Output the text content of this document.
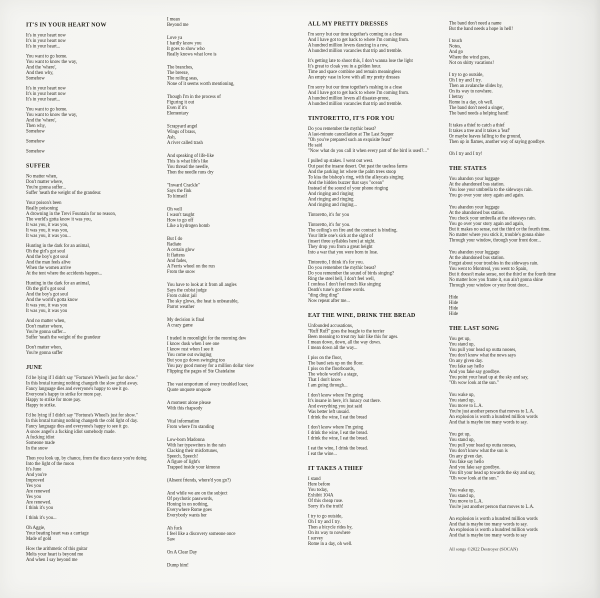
IT'S IN YOUR HEART NOW
It's in your heart now
It's in your heart now
It's in your heart...
You want to go home.
You want to know the way,
And the 'where',
And then why,
Somehow
It's in your heart now
It's in your heart now
It's in your heart...
You want to go home.
You want to know the way,
And the 'where',
Then why,
Somehow
Somehow
Somehow
SUFFER
No matter when,
Don't matter where,
You're gonna suffer...
Suffer 'neath the weight of the grandeur.
Your poison's been
Really poisoning
A drowning in the Trevi Fountain for no reason,
The world's gotta know it was you,
It was you, it was you,
It was you, it was you,
It was you, it was you...
Hunting in the dark for an animal,
Oh the girl's got soul
And the boy's got soul
And the man feels alive
When the women arrive
At the tent where the accidents happen...
Hunting in the dark for an animal,
Oh the girl's got soul
And the boy's got soul
And the world's gotta know
It was you, it was you
It was you, it was you
And no matter when,
Don't matter where,
You're gonna suffer...
Suffer 'neath the weight of the grandeur
Don't matter when,
You're gonna suffer
JUNE
I'd be lying if I didn't say "Fortune's Wheel's just for show."
In this brutal turning nothing changeth the slow grind away.
Fancy language dies and everyone's happy to see it go.
Everyone's happy to strike for more pay.
Happy to strike for more pay.
Happy to strike.
I'd be lying if I didn't say "Fortune's Wheel's just for show."
In this brutal turning nothing changeth the cold light of day.
Fancy language dies and everyone's happy to see it go.
A snow angel's a fucking idiot somebody made.
A fucking idiot
Someone made
In the snow
Then you look up, by chance, from the disco dance you're doing
Into the light of the moon
It's June
And you're
Improved
Yes you
Are renewed
Yes you
Are renewed.
I think it's you
I think it's you...
Oh Aggie,
Your beating heart was a carriage
Made of gold
How the arithmetic of this guitar
Melts your heart is beyond me
And when I say beyond me
I mean
Beyond me
Love ya
I hardly know you
It goes to show who
Really knows what love is
The branches,
The breeze,
The roiling seas,
None of it seems worth mentioning,
Though I'm in the process of
Figuring it out
Even if it's
Elementary
Scrapyard angel
Wings of brass,
Ash,
A river called trash
And speaking of life-like
This is what life's like
You thread the needle,
Then the needle runs dry
"Inward Crackle"
Says the fink
To himself
Oh well
I wasn't taught
How to go off
Like a hydrogen bomb
But I do
Radiate
A certain glow
It flattens
And fades,
A Ferris wheel on the run
From the snow
You have to look at it from all angles
Says the cubist judge
From cubist jail
The sky glows, the heat is unbearable,
Parrot weather
My decision is final
A crazy game
I traded in moonlight for the morning dew
I know dusk when I see one
I know rust when I see it
You come out swinging
But you go down swinging too
You pay good money for a million dollar view
Flipping the pages of Ste Chatelaine
The vast emporium of every troubled loser,
Quote unquote unquote
A moment alone please
With this rhapsody
Vital information
From where I'm standing
Low-born Madonna
With her typewriters in the rain
Clacking their misfortunes,
Speech, Speech!
A figure of light's
Trapped inside your kimono
(Absent friends, where'd you go?)
And while we are on the subject
Of psychotic passwords,
Honing in on nothing,
Everywhere Rome goes
Everybody wants her
Ah fuck
I feel like a discovery someone once
Saw
On A Clear Day
Dump him!
ALL MY PRETTY DRESSES
I'm sorry but our time together's coming to a close
And I have got to get back to where I'm coming from.
A hundred million lovers dancing in a row,
A hundred million vacancies that trip and tremble.
It's getting late to shoot this, I don't wanna lose the light
It's great to cloak you in a golden hour.
Time and space combine and remain meaningless
An empty vase in love with all my pretty dresses
I'm sorry but our time together's rushing to a close
And I have got to get back to where I'm coming from.
A hundred million lovers all disaster-prone,
A hundred million vacancies that trip and tremble.
TINTORETTO, IT'S FOR YOU
Do you remember the mythic beast?
A last-minute cancellation at The Last Supper
"Oh you've prepared such an exquisite feast"
He said
"Now what do you call it when every part of the bird is used?..."
I pulled up stakes. I went out west.
Out past the insane desert. Out past the useless farms
And the parking lot where the palm trees stoop
To kiss the bishop's ring, with the alleycats singing
And the hidden buzzer that says "ocean"
Instead of the sound of your phone ringing
And ringing and ringing
And ringing and ringing
And ringing and ringing...
Tintoretto, it's for you
Tintoretto, it's for you.
The ceiling's on fire and the contract is binding.
Your little one's sick at the sight of
(insert three syllables here) at night.
They drop you from a great height
Into a war that you were born to lose.
Tintoretto, I think it's for you.
Do you remember the mythic beast?
Do you remember the sound of birds singing?
Ring the steel bell, I don't feel well,
I confess I don't feel much like singing
Death's tune's got three words.
"ding ding ding"
Now repeat after me...
EAT THE WINE, DRINK THE BREAD
Unfounded accusations,
"Ruff Ruff" goes the beagle to the terrier
Been meaning to treat my hair like this for ages.
I mean down, down, all the way down.
I mean down all the way...
I piss on the floor,
The band sets up on the floor.
I piss on the floorboards,
The whole world's a stage,
That I don't know
I am going through...
I don't know where I'm going
It's insane in here, it's lunacy out there.
And everything you just said
Was better left unsaid.
I drink the wine, I eat the bread
I don't know where I'm going
I drink the wine, I eat the bread.
I drink the wine, I eat the bread.
I eat the wine, I drink the bread.
I eat the wine...
IT TAKES A THIEF
I stand
Here before
You today,
Exhibit 104A
Of this cheap ruse.
Sorry it's the truth!
I try to go outside,
Oh I try and I try.
Then a bicycle rides by,
On its way to nowhere
I survey
Rome in a day, oh well.
The band don't need a name
But the band needs a hope in hell!
I touch
Notes,
And go
Where the wind goes,
Not on shitty vacations!
I try to go outside,
Oh I try and I try.
Then an avalanche slides by,
On its way to nowhere.
I betray
Rome in a day, oh well.
The band don't need a singer,
The band needs a helping hand!
It takes a thief to catch a thief
It takes a tree and it takes a 'leaf'
Or maybe leaves falling to the ground,
Then up in flames, another way of saying goodbye.
Oh I try and I try!
THE STATES
You abandon your luggage
At the abandoned bus station.
You lose your umbrella to the sideways rain.
You go over your story again and again.
You abandon your luggage
At the abandoned bus station.
You check your umbrella at the sideways rain.
You go over your story again and again,
But it makes no sense, not the third or the fourth time.
No matter where you stick it, trouble's gonna shine
Through your window, through your front door...
You abandon your luggage
At the abandoned bus station.
Forget about your troubles in the sideways rain.
You went to Montreal, you went to Spain,
But it doesn't make sense, not the third or the fourth time
No matter how you frame it, sun ain't gonna shine
Through your window or your front door...
Hide
Hide
Hide
Hide
THE LAST SONG
You get up,
You stand up,
You pull your head up outta nooses,
You don't know what the news says
On any given day.
You fake say hello
And you fake say goodbye.
You point your head up at the sky and say,
"Oh wow look at the sun."
You wake up,
You stand up,
You move to L.A.
You're just another person that moves to L.A.
An explosion is worth a hundred million words
And that is maybe too many words to say.
You get up,
You stand up,
You pull your head up outta nooses,
You don't know what the sun is
On any given day.
You fake say hello
And you fake say goodbye.
You tilt your head up towards the sky and say,
"Oh wow look at the sun."
You wake up,
You stand up,
You move to L.A.
You're just another person that moves to L.A.
An explosion is worth a hundred million words
And that is maybe too many words to say.
An explosion is worth a hundred million words
And that is maybe too many words to say
All songs ©2022 Destroyer (SOCAN)
